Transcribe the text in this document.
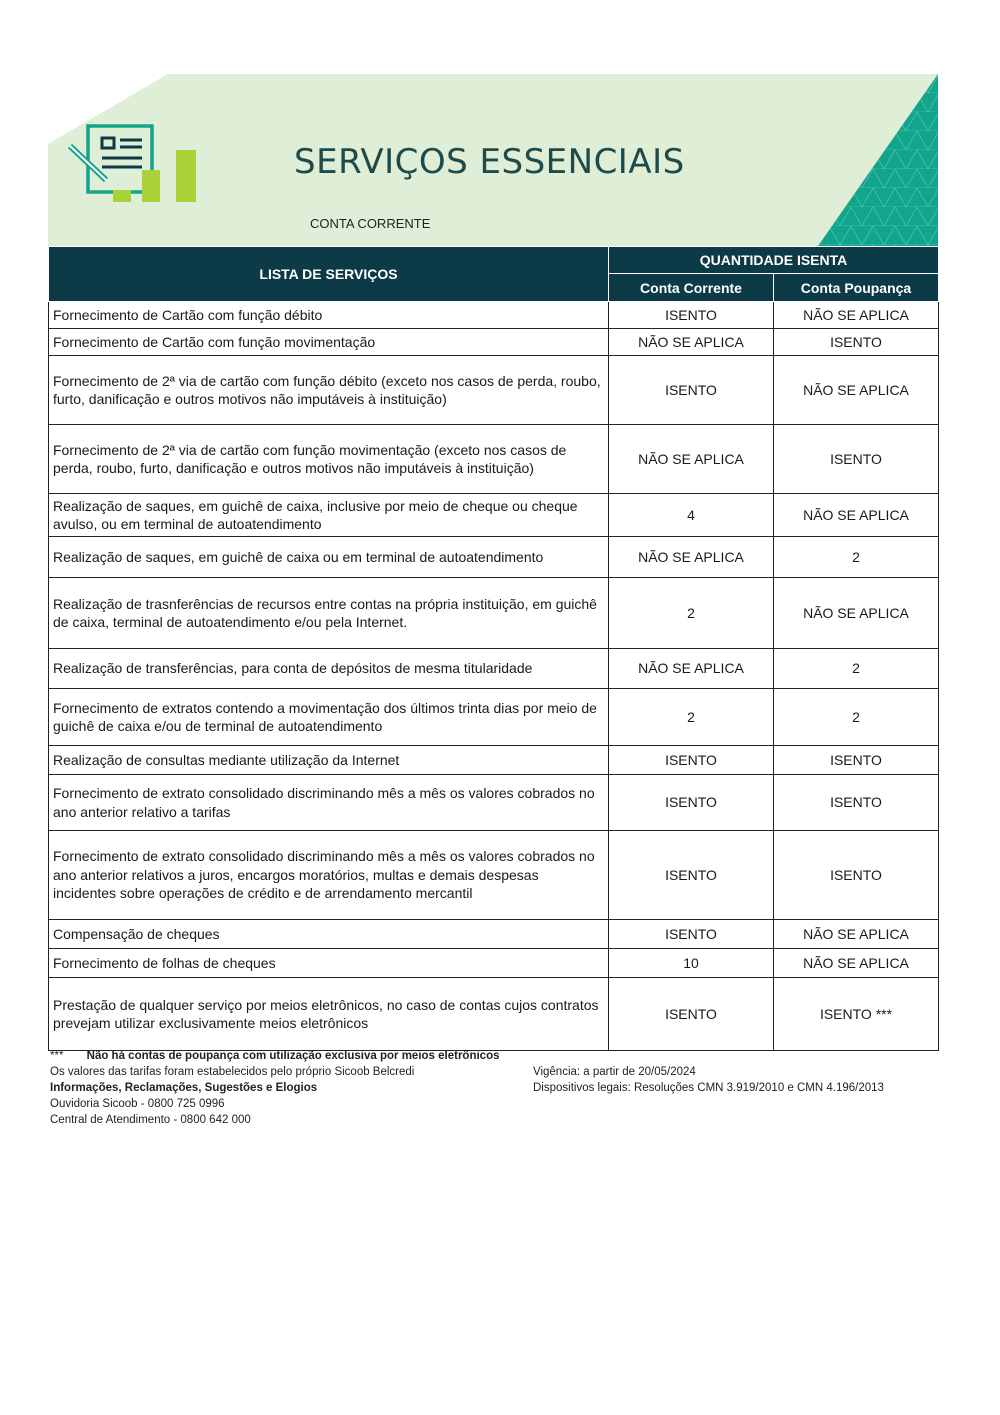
SERVIÇOS ESSENCIAIS
CONTA CORRENTE
LISTA DE SERVIÇOS	QUANTIDADE ISENTA	
	Conta Corrente	Conta Poupança
Fornecimento de Cartão com função débito	ISENTO	NÃO SE APLICA
Fornecimento de Cartão com função movimentação	NÃO SE APLICA	ISENTO
Fornecimento de 2ª via de cartão com função débito (exceto nos casos de perda, roubo, furto, danificação e outros motivos não imputáveis à instituição)	ISENTO	NÃO SE APLICA
Fornecimento de 2ª via de cartão com função movimentação (exceto nos casos de perda, roubo, furto, danificação e outros motivos não imputáveis à instituição)	NÃO SE APLICA	ISENTO
Realização de saques, em guichê de caixa, inclusive por meio de cheque ou cheque avulso, ou em terminal de autoatendimento	4	NÃO SE APLICA
Realização de saques, em guichê de caixa ou em terminal de autoatendimento	NÃO SE APLICA	2
Realização de trasnferências de recursos entre contas na própria instituição, em guichê de caixa, terminal de autoatendimento e/ou pela Internet.	2	NÃO SE APLICA
Realização de transferências, para conta de depósitos de mesma titularidade	NÃO SE APLICA	2
Fornecimento de extratos contendo a movimentação dos últimos trinta dias por meio de guichê de caixa e/ou de terminal de autoatendimento	2	2
Realização de consultas mediante utilização da Internet	ISENTO	ISENTO
Fornecimento de extrato consolidado discriminando mês a mês os valores cobrados no ano anterior relativo a tarifas	ISENTO	ISENTO
Fornecimento de extrato consolidado discriminando mês a mês os valores cobrados no ano anterior relativos a juros, encargos moratórios, multas e demais despesas incidentes sobre operações de crédito e de arrendamento mercantil	ISENTO	ISENTO
Compensação de cheques	ISENTO	NÃO SE APLICA
Fornecimento de folhas de cheques	10	NÃO SE APLICA
Prestação de qualquer serviço por meios eletrônicos, no caso de contas cujos contratos prevejam utilizar exclusivamente meios eletrônicos	ISENTO	ISENTO ***
*** Não há contas de poupança com utilização exclusiva por meios eletrônicos
Os valores das tarifas foram estabelecidos pelo próprio Sicoob Belcredi
Informações, Reclamações, Sugestões e Elogios
Ouvidoria Sicoob - 0800 725 0996
Central de Atendimento - 0800 642 000
Vigência: a partir de 20/05/2024
Dispositivos legais: Resoluções CMN 3.919/2010 e CMN 4.196/2013
